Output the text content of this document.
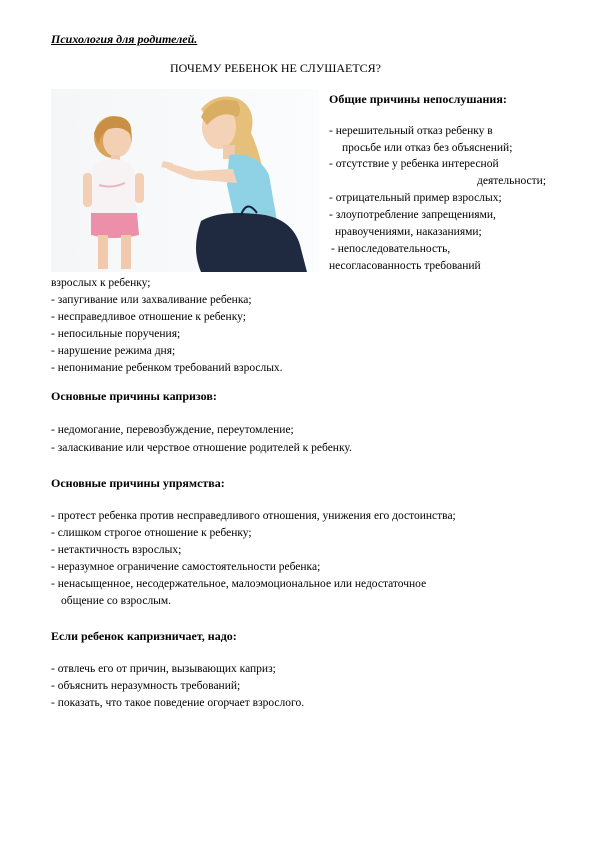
Психология для родителей.
ПОЧЕМУ РЕБЕНОК НЕ СЛУШАЕТСЯ?
Общие причины непослушания:
- нерешительный отказ ребенку в
просьбе или отказ без объяснений;
- отсутствие у ребенка интересной
деятельности;
- отрицательный пример взрослых;
- злоупотребление запрещениями,
нравоучениями, наказаниями;
- непоследовательность,
несогласованность требований
взрослых к ребенку;
- запугивание или захваливание ребенка;
- несправедливое отношение к ребенку;
- непосильные поручения;
- нарушение режима дня;
- непонимание ребенком требований взрослых.
Основные причины капризов:
- недомогание, перевозбуждение, переутомление;
- заласкивание или черствое отношение родителей к ребенку.
Основные причины упрямства:
- протест ребенка против несправедливого отношения, унижения его достоинства;
- слишком строгое отношение к ребенку;
- нетактичность взрослых;
- неразумное ограничение самостоятельности ребенка;
- ненасыщенное, несодержательное, малоэмоциональное или недостаточное
общение со взрослым.
Если ребенок капризничает, надо:
- отвлечь его от причин, вызывающих каприз;
- объяснить неразумность требований;
- показать, что такое поведение огорчает взрослого.
